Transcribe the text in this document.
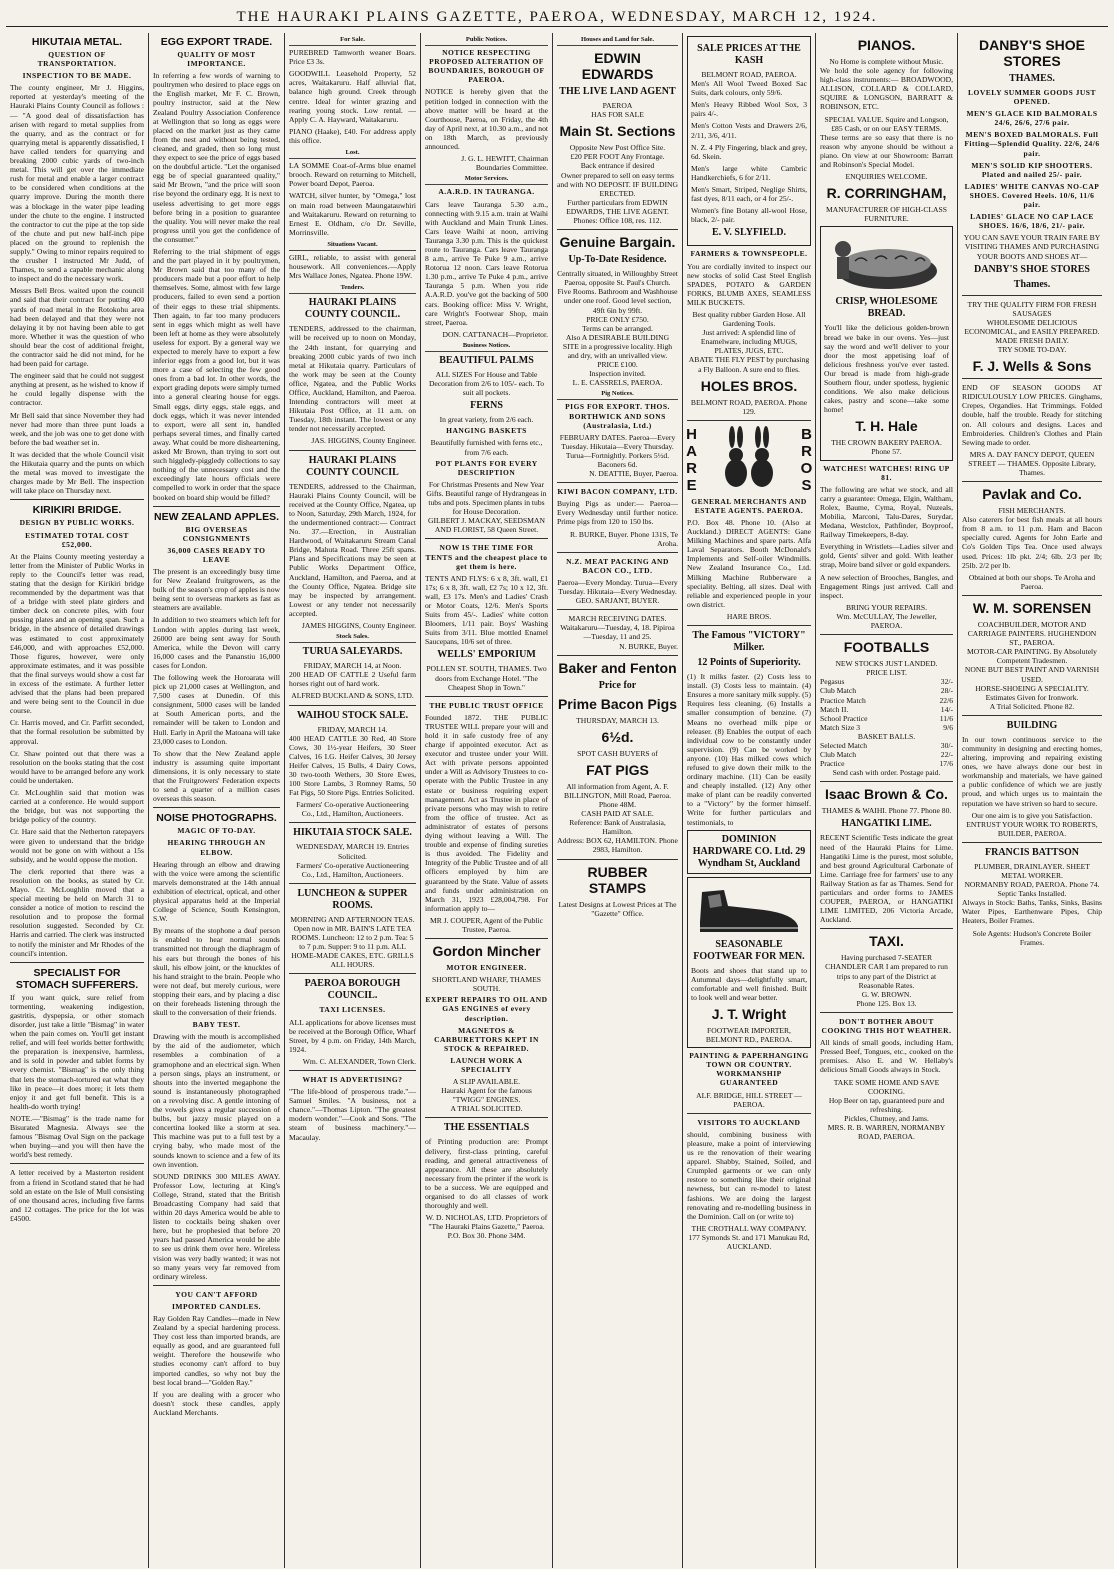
THE HAURAKI PLAINS GAZETTE, PAEROA, WEDNESDAY, MARCH 12, 1924.
HIKUTAIA METAL.
QUESTION OF TRANSPORTATION.
INSPECTION TO BE MADE.

The county engineer, Mr J. Higgins, reported at yesterday's meeting of the Hauraki Plains County Council as follows :— "A good deal of dissatisfaction has arisen with regard to metal supplies from the quarry, and as the contract or for quarrying metal is apparently dissatisfied, I have called tenders for quarrying and breaking 2000 cubic yards of two-inch metal. This will get over the immediate rush for metal and enable a larger contract to be considered when conditions at the quarry improve. During the month there was a blockage in the water pipe leading under the chute to the engine. I instructed the contractor to cut the pipe at the top side of the chute and put new half-inch pipe placed on the ground to replenish the supply." Owing to minor repairs required to the crusher I instructed Mr Judd, of Thames, to send a capable mechanic along to inspect and do the necessary work.

Messrs Bell Bros. waited upon the council and said that their contract for putting 400 yards of road metal in the Rotokohu area had been delayed and that they were not delaying it by not having been able to get more. Whether it was the question of who should bear the cost of additional freight, the contractor said he did not mind, for he had been paid for cartage.

The engineer said that he could not suggest anything at present, as he wished to know if he could legally dispense with the contractor.

Mr Bell said that since November they had never had more than three punt loads a week, and the job was one to get done with before the bad weather set in.

It was decided that the whole Council visit the Hikutaia quarry and the punts on which the metal was moved to investigate the charges made by Mr Bell. The inspection will take place on Thursday next.

KIRIKIRI BRIDGE.
DESIGN BY PUBLIC WORKS.
ESTIMATED TOTAL COST £52,000.

At the Plains County meeting yesterday a letter from the Minister of Public Works in reply to the Council's letter was read, stating that the design for Kirikiri bridge recommended by the department was that of a bridge with steel plate girders and timber deck on concrete piles, with four pussing plates and an opening span. Such a bridge, in the absence of detailed drawings was estimated to cost approximately £46,000, and with approaches £52,000. Those figures, however, were only approximate estimates, and it was possible that the final surveys would show a cost far in excess of the estimate. A further letter advised that the plans had been prepared and were being sent to the Council in due course.

Cr. Harris moved, and Cr. Parfitt seconded, that the formal resolution be submitted by approval.

Cr. Shaw pointed out that there was a resolution on the books stating that the cost would have to be arranged before any work could be undertaken.

Cr. McLoughlin said that motion was carried at a conference. He would support the bridge, but was not supporting the bridge policy of the country.

Cr. Hare said that the Netherton ratepayers were given to understand that the bridge would not be gone on with without a 15s subsidy, and he would oppose the motion.

The clerk reported that there was a resolution on the books, as stated by Cr. Mayo. Cr. McLoughlin moved that a special meeting be held on March 31 to consider a notice of motion to rescind the resolution and to propose the formal resolution suggested. Seconded by Cr. Harris and carried. The clerk was instructed to notify the minister and Mr Rhodes of the council's intention.

SPECIALIST FOR STOMACH SUFFERERS.

If you want quick, sure relief from tormenting, weakening indigestion, gastritis, dyspepsia, or other stomach disorder, just take a little "Bismag" in water when the pain comes on. You'll get instant relief, and will feel worlds better forthwith; the preparation is inexpensive, harmless, and is sold in powder and tablet forms by every chemist. "Bismag" is the only thing that lets the stomach-tortured eat what they like in peace—it does more; it lets them enjoy it and get full benefit. This is a health-do worth trying!

NOTE.—"Bismag" is the trade name for Bisurated Magnesia. Always see the famous "Bismag Oval Sign on the package when buying—and you will then have the world's best remedy.

A letter received by a Masterton resident from a friend in Scotland stated that he had sold an estate on the Isle of Mull consisting of one thousand acres, including five farms and 12 cottages. The price for the lot was £4500.

EGG EXPORT TRADE.
QUALITY OF MOST IMPORTANCE.

In referring a few words of warning to poultrymen who desired to place eggs on the English market, Mr F. C. Brown, poultry instructor, said at the New Zealand Poultry Association Conference at Wellington that so long as eggs were placed on the market just as they came from the nest and without being tested, cleaned, and graded, then so long must they expect to see the price of eggs based on the doubtful article. "Let the organised egg be of special guaranteed quality," said Mr Brown, "and the price will soon rise beyond the ordinary egg. It is next to useless advertising to get more eggs before bring in a position to guarantee the quality. You will never make the real progress until you get the confidence of the consumer."

Referring to the trial shipment of eggs and the part played in it by poultrymen, Mr Brown said that too many of the producers made but a poor effort to help themselves. Some, almost with few large producers, failed to even send a portion of their eggs to these trial shipments. Then again, to far too many producers sent in eggs which might as well have been left at home as they were absolutely useless for export. By a general way we expected to merely have to export a few inferior eggs from a good lot, but it was more a case of selecting the few good ones from a bad lot. In other words, the export grading depots were simply turned into a general clearing house for eggs. Small eggs, dirty eggs, stale eggs, and dock eggs, which it was never intended to export, were all sent in, handled perhaps several times, and finally carted away. What could be more disheartening, asked Mr Brown, than trying to sort out such higgledy-piggledy collections to say nothing of the unnecessary cost and the exceedingly late hours officials were compelled to work in order that the space booked on board ship would be filled?

NEW ZEALAND APPLES.
BIG OVERSEAS CONSIGNMENTS
36,000 CASES READY TO LEAVE

The present is an exceedingly busy time for New Zealand fruitgrowers, as the bulk of the season's crop of apples is now being sent to overseas markets as fast as steamers are available.

In addition to two steamers which left for London with apples during last week, 26000 are being sent away for South America, while the Devon will carry 16,000 cases and the Pananstiu 16,000 cases for London.

The following week the Horoarata will pick up 21,000 cases at Wellington, and 7,500 cases at Dunedin. Of this consignment, 5000 cases will be landed at South American ports, and the remainder will be taken to London and Hull. Early in April the Matoana will take 23,000 cases to London.

To show that the New Zealand apple industry is assuming quite important dimensions, it is only necessary to state that the Fruitgrowers' Federation expects to send a quarter of a million cases overseas this season.

NOISE PHOTOGRAPHS.
MAGIC OF TO-DAY.
HEARING THROUGH AN ELBOW.

Hearing through an elbow and drawing with the voice were among the scientific marvels demonstrated at the 14th annual exhibition of electrical, optical, and other physical apparatus held at the Imperial College of Science, South Kensington, S.W.

By means of the stophone a deaf person is enabled to hear normal sounds transmitted not through the diaphragm of his ears but through the bones of his skull, his elbow joint, or the knuckles of his hand straight to the brain. People who were not deaf, but merely curious, were stopping their ears, and by placing a disc on their foreheads listening through the skull to the conversation of their friends.

BABY TEST.

Drawing with the mouth is accomplished by the aid of the audiometer, which resembles a combination of a gramophone and an electrical sign. When a person sings, plays an instrument, or shouts into the inverted megaphone the sound is instantaneously photographed on a revolving disc. A gentle intoning of the vowels gives a regular succession of bulbs, but jazzy music played on a concertina looked like a storm at sea. This machine was put to a full test by a crying baby, who made most of the sounds known to science and a few of its own invention.

SOUND DRINKS 300 MILES AWAY. Professor Low, lecturing at King's College, Strand, stated that the British Broadcasting Company had said that within 20 days America would be able to listen to cocktails being shaken over here, but he prophesied that before 20 years had passed America would be able to see us drink them over here. Wireless vision was very badly wanted; it was not so many years very far removed from ordinary wireless.

YOU CAN'T AFFORD
IMPORTED CANDLES.

Ray Golden Ray Candles—made in New Zealand by a special hardening process. They cost less than imported brands, are equally as good, and are guaranteed full weight. Therefore the housewife who studies economy can't afford to buy imported candles, so why not buy the best local brand—"Golden Ray."

If you are dealing with a grocer who doesn't stock these candles, apply Auckland Merchants.

For Sale.

PUREBRED Tamworth weaner Boars. Price £3 3s.

GOODWILL Leasehold Property, 52 acres, Waitakaruru. Half alluvial flat, balance high ground. Creek through centre. Ideal for winter grazing and rearing young stock. Low rental. —Apply C. A. Hayward, Waitakaruru.

PIANO (Haake), £40. For address apply this office.

Lost.

LA SOMME Coat-of-Arms blue enamel brooch. Reward on returning to Mitchell, Power board Depot, Paeroa.

WATCH, silver hunter, by "Omega," lost on main road between Maungatauwhiri and Waitakaruru. Reward on returning to Ernest E. Oldham, c/o Dr. Seville, Morrinsville.

Situations Vacant.

GIRL, reliable, to assist with general housework. All conveniences.—Apply Mrs Wallace Jones, Ngatea. Phone 19W.

Tenders.
HAURAKI PLAINS COUNTY COUNCIL.

TENDERS, addressed to the chairman, will be received up to noon on Monday, the 24th instant, for quarrying and breaking 2000 cubic yards of two inch metal at Hikutaia quarry. Particulars of the work may be seen at the County office, Ngatea, and the Public Works Office, Auckland, Hamilton, and Paeroa. Intending contractors will meet at Hikutaia Post Office, at 11 a.m. on Tuesday, 18th instant. The lowest or any tender not necessarily accepted.

JAS. HIGGINS, County Engineer.
HAURAKI PLAINS COUNTY COUNCIL

TENDERS, addressed to the Chairman, Hauraki Plains County Council, will be received at the County Office, Ngatea, up to Noon, Saturday, 29th March, 1924, for the undermentioned contract:— Contract No. 37.—Erection, in Australian Hardwood, of Waitakaruru Stream Canal Bridge, Mahuta Road. Three 25ft spans. Plans and Specifications may be seen at Public Works Department Office, Auckland, Hamilton, and Paeroa, and at the County Office, Ngatea. Bridge site may be inspected by arrangement. Lowest or any tender not necessarily accepted.

JAMES HIGGINS, County Engineer.
Stock Sales.
TURUA SALEYARDS.
FRIDAY, MARCH 14, at Noon.

200 HEAD OF CATTLE 2 Useful farm horses right out of hard work.

ALFRED BUCKLAND & SONS, LTD.
WAIHOU STOCK SALE.
FRIDAY, MARCH 14.

400 HEAD CATTLE 30 Red, 40 Store Cows, 30 1½-year Heifers, 30 Steer Calves, 16 I.G. Heifer Calves, 30 Jersey Heifer Calves, 15 Bulls, 4 Dairy Cows, 30 two-tooth Wethers, 30 Store Ewes, 100 Store Lambs, 3 Romney Rams, 50 Fat Pigs, 50 Store Pigs. Entries Solicited.

Farmers' Co-operative Auctioneering Co., Ltd., Hamilton, Auctioneers.
HIKUTAIA STOCK SALE.
WEDNESDAY, MARCH 19. Entries Solicited.
Farmers' Co-operative Auctioneering Co., Ltd., Hamilton, Auctioneers.
LUNCHEON & SUPPER ROOMS.
MORNING AND AFTERNOON TEAS. Open now in MR. BAIN'S LATE TEA ROOMS. Luncheon: 12 to 2 p.m. Tea: 5 to 7 p.m. Supper: 9 to 11 p.m. ALL HOME-MADE CAKES, ETC. GRILLS ALL HOURS.
PAEROA BOROUGH COUNCIL.
TAXI LICENSES.

ALL applications for above licenses must be received at the Borough Office, Wharf Street, by 4 p.m. on Friday, 14th March, 1924.

Wm. C. ALEXANDER, Town Clerk.
WHAT IS ADVERTISING?

"The life-blood of prosperous trade."—Samuel Smiles. "A business, not a chance."—Thomas Lipton. "The greatest modern wonder."—Cook and Sons. "The steam of business machinery."—Macaulay.

Public Notices.
NOTICE RESPECTING PROPOSED ALTERATION OF BOUNDARIES, BOROUGH OF PAEROA.

NOTICE is hereby given that the petition lodged in connection with the above matter will be heard at the Courthouse, Paeroa, on Friday, the 4th day of April next, at 10.30 a.m., and not on 18th March, as previously announced.

J. G. L. HEWITT, Chairman Boundaries Committee.
Motor Services.
A.A.R.D. IN TAURANGA.

Cars leave Tauranga 5.30 a.m., connecting with 9.15 a.m. train at Waihi with Auckland and Main Trunk Lines. Cars leave Waihi at noon, arriving Tauranga 3.30 p.m. This is the quickest route to Tauranga. Cars leave Tauranga 8 a.m., arrive Te Puke 9 a.m., arrive Rotorua 12 noon. Cars leave Rotorua 1.30 p.m., arrive Te Puke 4 p.m., arrive Tauranga 5 p.m. When you ride A.A.R.D. you've got the backing of 500 cars. Booking office: Miss V. Wright, care Wright's Footwear Shop, main street, Paeroa.

DON. CATTANACH—Proprietor.
Business Notices.
BEAUTIFUL PALMS
ALL SIZES For House and Table Decoration from 2/6 to 105/- each. To suit all pockets.
FERNS
In great variety, from 2/6 each.
HANGING BASKETS
Beautifully furnished with ferns etc., from 7/6 each.
POT PLANTS FOR EVERY DESCRIPTION
For Christmas Presents and New Year Gifts. Beautiful range of Hydrangeas in tubs and pots. Specimen plants in tubs for House Decoration.
GILBERT J. MACKAY, SEEDSMAN AND FLORIST, 58 Queen Street.
NOW IS THE TIME FOR TENTS and the cheapest place to get them is here.

TENTS AND FLYS: 6 x 8, 3ft. wall, £1 17s; 6 x 8, 3ft. wall, £2 7s; 10 x 12, 3ft. wall, £3 17s. Men's and Ladies' Crash or Motor Coats, 12/6. Men's Sports Suits from 45/-. Ladies' white cotton Bloomers, 1/11 pair. Boys' Washing Suits from 3/11. Blue mottled Enamel Saucepans, 10/6 set of three.

WELLS' EMPORIUM
POLLEN ST. SOUTH, THAMES. Two doors from Exchange Hotel. "The Cheapest Shop in Town."
THE PUBLIC TRUST OFFICE

Founded 1872. THE PUBLIC TRUSTEE WILL prepare your will and hold it in safe custody free of any charge if appointed executor. Act as executor and trustee under your Will. Act with private persons appointed under a Will as Advisory Trustees to co-operate with the Public Trustee in any estate or business requiring expert management. Act as Trustee in place of private persons who may wish to retire from the office of trustee. Act as administrator of estates of persons dying without leaving a Will. The trouble and expense of finding sureties is thus avoided. The Fidelity and Integrity of the Public Trustee and of all officers employed by him are guaranteed by the State. Value of assets and funds under administration on March 31, 1923 £28,004,798. For information apply to—

MR J. COUPER, Agent of the Public Trustee, Paeroa.
Gordon Mincher
MOTOR ENGINEER.
SHORTLAND WHARF, THAMES SOUTH.
EXPERT REPAIRS TO OIL AND GAS ENGINES of every description.
MAGNETOS & CARBURETTORS KEPT IN STOCK & REPAIRED.
LAUNCH WORK A SPECIALITY
A SLIP AVAILABLE.
Hauraki Agent for the famous "TWIGG" ENGINES.
A TRIAL SOLICITED.
THE ESSENTIALS

of Printing production are: Prompt delivery, first-class printing, careful reading, and general attractiveness of appearance. All these are absolutely necessary from the printer if the work is to be a success. We are equipped and organised to do all classes of work thoroughly and well.

W. D. NICHOLAS, LTD. Proprietors of "The Hauraki Plains Gazette," Paeroa. P.O. Box 30. Phone 34M.
Houses and Land for Sale.
EDWIN EDWARDS
THE LIVE LAND AGENT
PAEROA
HAS FOR SALE
Main St. Sections
Opposite New Post Office Site.
£20 PER FOOT Any Frontage.
Back entrance if desired
Owner prepared to sell on easy terms and with NO DEPOSIT. IF BUILDING ERECTED.
Further particulars from EDWIN EDWARDS, THE LIVE AGENT.
Phones: Office 108, res. 112.
Genuine Bargain.
Up-To-Date Residence.
Centrally situated, in Willoughby Street Paeroa, opposite St. Paul's Church.
Five Rooms. Bathroom and Washhouse under one roof. Good level section, 49ft 6in by 99ft.
PRICE ONLY £750.
Terms can be arranged.
Also A DESIRABLE BUILDING SITE in a progressive locality. High and dry, with an unrivalled view.
PRICE £100.
Inspection invited.
L. E. CASSRELS, PAEROA.
Pig Notices.
PIGS FOR EXPORT. THOS. BORTHWICK AND SONS (Australasia, Ltd.)
FEBRUARY DATES. Paeroa—Every Tuesday. Hikutaia—Every Thursday. Turua—Fortnightly. Porkers 5½d. Baconers 6d.
N. DEATTIE, Buyer, Paeroa.
KIWI BACON COMPANY, LTD.

Buying Pigs as under:— Paeroa—Every Wednesday until further notice. Prime pigs from 120 to 150 lbs.

R. BURKE, Buyer. Phone 131S, Te Aroha.
N.Z. MEAT PACKING AND BACON CO., LTD.
Paeroa—Every Monday. Turua—Every Tuesday. Hikutaia—Every Wednesday.
GEO. SARJANT, BUYER.
MARCH RECEIVING DATES. Waitakaruru—Tuesday, 4, 18. Pipiroa—Tuesday, 11 and 25.
N. BURKE, Buyer.
Baker and Fenton
Price for
Prime Bacon Pigs
THURSDAY, MARCH 13.
6½d.
SPOT CASH BUYERS of
FAT PIGS
All information from Agent, A. F. BILLINGTON, Mill Road, Paeroa. Phone 48M.
CASH PAID AT SALE.
Reference: Bank of Australasia, Hamilton.
Address: BOX 62, HAMILTON. Phone 2983, Hamilton.
RUBBER STAMPS
Latest Designs at Lowest Prices at The "Gazette" Office.
SALE PRICES AT THE KASH
BELMONT ROAD, PAEROA.

Men's All Wool Tweed Boxed Sac Suits, dark colours, only 59/6.

Men's Heavy Ribbed Wool Sox, 3 pairs 4/-.

Men's Cotton Vests and Drawers 2/6, 2/11, 3/6, 4/11.

N. Z. 4 Ply Fingering, black and grey, 6d. Skein.

Men's large white Cambric Handkerchiefs, 6 for 2/11.

Men's Smart, Striped, Neglige Shirts, fast dyes, 8/11 each, or 4 for 25/-.

Women's fine Botany all-wool Hose, black, 2/- pair.

E. V. SLYFIELD.
FARMERS & TOWNSPEOPLE.

You are cordially invited to inspect our new stocks of solid Cast Steel English SPADES, POTATO & GARDEN FORKS, BLUMB AXES, SEAMLESS MILK BUCKETS.

Best quality rubber Garden Hose. All Gardening Tools.
Just arrived: A splendid line of Enamelware, including MUGS, PLATES, JUGS, ETC.
ABATE THE FLY PEST by purchasing a Fly Balloon. A sure end to flies.
HOLES BROS.
BELMONT ROAD, PAEROA. Phone 129.
HARE	BROS
GENERAL MERCHANTS AND ESTATE AGENTS. PAEROA.

P.O. Box 48. Phone 10. (Also at Auckland.) DIRECT AGENTS: Gane Milking Machines and spare parts. Alfa Laval Separators. Booth McDonald's Implements and Self-oiler Windmills. New Zealand Insurance Co., Ltd. Milking Machine Rubberware a speciality. Belting, all sizes. Deal with reliable and experienced people in your own district.

HARE BROS.
The Famous "VICTORY" Milker.
12 Points of Superiority.

(1) It milks faster. (2) Costs less to install. (3) Costs less to maintain. (4) Ensures a more sanitary milk supply. (5) Requires less cleaning. (6) Installs a smaller consumption of benzine. (7) Means no overhead milk pipe or releaser. (8) Enables the output of each individual cow to be constantly under supervision. (9) Can be worked by anyone. (10) Has milked cows which refused to give down their milk to the ordinary machine. (11) Can be easily and cheaply installed. (12) Any other make of plant can be readily converted to a "Victory" by the former himself. Write for further particulars and testimonials, to

DOMINION HARDWARE CO. Ltd. 29 Wyndham St, Auckland
SEASONABLE FOOTWEAR FOR MEN.

Boots and shoes that stand up to Autumnal days—delightfully smart, comfortable and well finished. Built to look well and wear better.

J. T. Wright
FOOTWEAR IMPORTER, BELMONT RD., PAEROA.
PAINTING & PAPERHANGING TOWN OR COUNTRY. WORKMANSHIP GUARANTEED
ALF. BRIDGE, HILL STREET — PAEROA.
VISITORS TO AUCKLAND

should, combining business with pleasure, make a point of interviewing us re the renovation of their wearing apparel. Shabby, Stained, Soiled, and Crumpled garments or we can only restore to something like their original newness, but can re-model to latest fashions. We are doing the largest renovating and re-modelling business in the Dominion. Call on (or write to)

THE CROTHALL WAY COMPANY. 177 Symonds St. and 171 Manukau Rd, AUCKLAND.
PIANOS.
No Home is complete without Music.

We hold the sole agency for following high-class instruments:— BROADWOOD, ALLISON, COLLARD & COLLARD, SQUIRE & LONGSON, BARRATT & ROBINSON, ETC.

SPECIAL VALUE. Squire and Longson, £85 Cash, or on our EASY TERMS.

These terms are so easy that there is no reason why anyone should be without a piano. On view at our Showroom: Barratt and Robinson's Special Model.

ENQUIRIES WELCOME.
R. CORRINGHAM,
MANUFACTURER OF HIGH-CLASS FURNITURE.
CRISP, WHOLESOME BREAD.

You'll like the delicious golden-brown bread we bake in our ovens. Yes—just say the word and we'll deliver to your door the most appetising loaf of delicious freshness you've ever tasted. Our bread is made from high-grade Southern flour, under spotless, hygienic conditions. We also make delicious cakes, pastry and scone—take some home!

T. H. Hale
THE CROWN BAKERY PAEROA. Phone 57.
WATCHES! WATCHES! RING UP 81.

The following are what we stock, and all carry a guarantee: Omega, Elgin, Waltham, Rolex, Baume, Cyma, Royal, Nuzeals, Mobilia, Marconi, Talu-Dares, Surydar, Medana, Westclox, Pathfinder, Boyproof, Railway Timekeepers, 8-day.

Everything in Wristlets—Ladies silver and gold, Gents' silver and gold. With leather strap, Moire band silver or gold expanders.

A new selection of Brooches, Bangles, and Engagement Rings just arrived. Call and inspect.

BRING YOUR REPAIRS.
Wm. McCULLAY, The Jeweller, PAEROA.
FOOTBALLS
NEW STOCKS JUST LANDED.
PRICE LIST.
Pegasus	32/-
Club Match	28/-
Practice Match	22/6
Match II.	14/-
School Practice	11/6
Match Size 3	9/6
BASKET BALLS.
Selected Match	30/-
Club Match	22/-
Practice	17/6
Send cash with order. Postage paid.
Isaac Brown & Co.
THAMES & WAIHI. Phone 77. Phone 80.
HANGATIKI LIME.

RECENT Scientific Tests indicate the great need of the Hauraki Plains for Lime. Hangatiki Lime is the purest, most soluble, and best ground Agricultural Carbonate of Lime. Carriage free for farmers' use to any Railway Station as far as Thames. Send for particulars and order forms to JAMES COUPER, PAEROA, or HANGATIKI LIME LIMITED, 206 Victoria Arcade, Auckland.

TAXI.
Having purchased 7-SEATER CHANDLER CAR I am prepared to run trips to any part of the District at Reasonable Rates.
G. W. BROWN.
Phone 125. Box 13.
DON'T BOTHER ABOUT COOKING THIS HOT WEATHER.

All kinds of small goods, including Ham, Pressed Beef, Tongues, etc., cooked on the premises. Also E. and W. Hellaby's delicious Small Goods always in Stock.

TAKE SOME HOME AND SAVE COOKING.
Hop Beer on tap, guaranteed pure and refreshing.
Pickles, Chutney, and Jams.
MRS. R. B. WARREN, NORMANBY ROAD, PAEROA.
DANBY'S SHOE STORES
THAMES.
LOVELY SUMMER GOODS JUST OPENED.
MEN'S GLACE KID BALMORALS 24/6, 26/6, 27/6 pair.
MEN'S BOXED BALMORALS. Full Fitting—Splendid Quality. 22/6, 24/6 pair.
MEN'S SOLID KIP SHOOTERS. Plated and nailed 25/- pair.
LADIES' WHITE CANVAS NO-CAP SHOES. Covered Heels. 10/6, 11/6 pair.
LADIES' GLACE NO CAP LACE SHOES. 16/6, 18/6, 21/- pair.
YOU CAN SAVE YOUR TRAIN FARE BY VISITING THAMES AND PURCHASING YOUR BOOTS AND SHOES AT—
DANBY'S SHOE STORES
Thames.
TRY THE QUALITY FIRM FOR FRESH SAUSAGES
WHOLESOME DELICIOUS ECONOMICAL, and EASILY PREPARED.
MADE FRESH DAILY.
TRY SOME TO-DAY.
F. J. Wells & Sons

END OF SEASON GOODS AT RIDICULOUSLY LOW PRICES. Ginghams, Crepes, Organdies. Hat Trimmings. Folded double, half the trouble. Ready for stitching on. All colours and designs. Laces and Embroideries. Children's Clothes and Plain Sewing made to order.

MRS A. DAY FANCY DEPOT, QUEEN STREET — THAMES. Opposite Library, Thames.
Pavlak and Co.
FISH MERCHANTS.

Also caterers for best fish meals at all hours from 8 a.m. to 11 p.m. Ham and Bacon specially cured. Agents for John Earle and Co's Golden Tips Tea. Once used always used. Prices: 1lb pkt. 2/4; 6lb. 2/3 per lb; 25lb. 2/2 per lb.

Obtained at both our shops. Te Aroha and Paeroa.
W. M. SORENSEN
COACHBUILDER, MOTOR AND CARRIAGE PAINTERS. HUGHENDON ST., PAEROA.
MOTOR-CAR PAINTING. By Absolutely Competent Tradesmen.
NONE BUT BEST PAINT AND VARNISH USED.
HORSE-SHOEING A SPECIALITY.
Estimates Given for Ironwork.
A Trial Solicited. Phone 82.
BUILDING

In our town continuous service to the community in designing and erecting homes, altering, improving and repairing existing ones, we have always done our best in workmanship and materials, we have gained a public confidence of which we are justly proud, and which urges us to maintain the reputation we have striven so hard to secure.

Our one aim is to give you Satisfaction.
ENTRUST YOUR WORK TO ROBERTS, BUILDER, PAEROA.
FRANCIS BATTSON
PLUMBER, DRAINLAYER. SHEET METAL WORKER.
NORMANBY ROAD, PAEROA. Phone 74.
Septic Tanks Installed.

Always in Stock: Baths, Tanks, Sinks, Basins Water Pipes, Earthenware Pipes, Chip Heaters, Boiler Frames.

Sole Agents: Hudson's Concrete Boiler Frames.
